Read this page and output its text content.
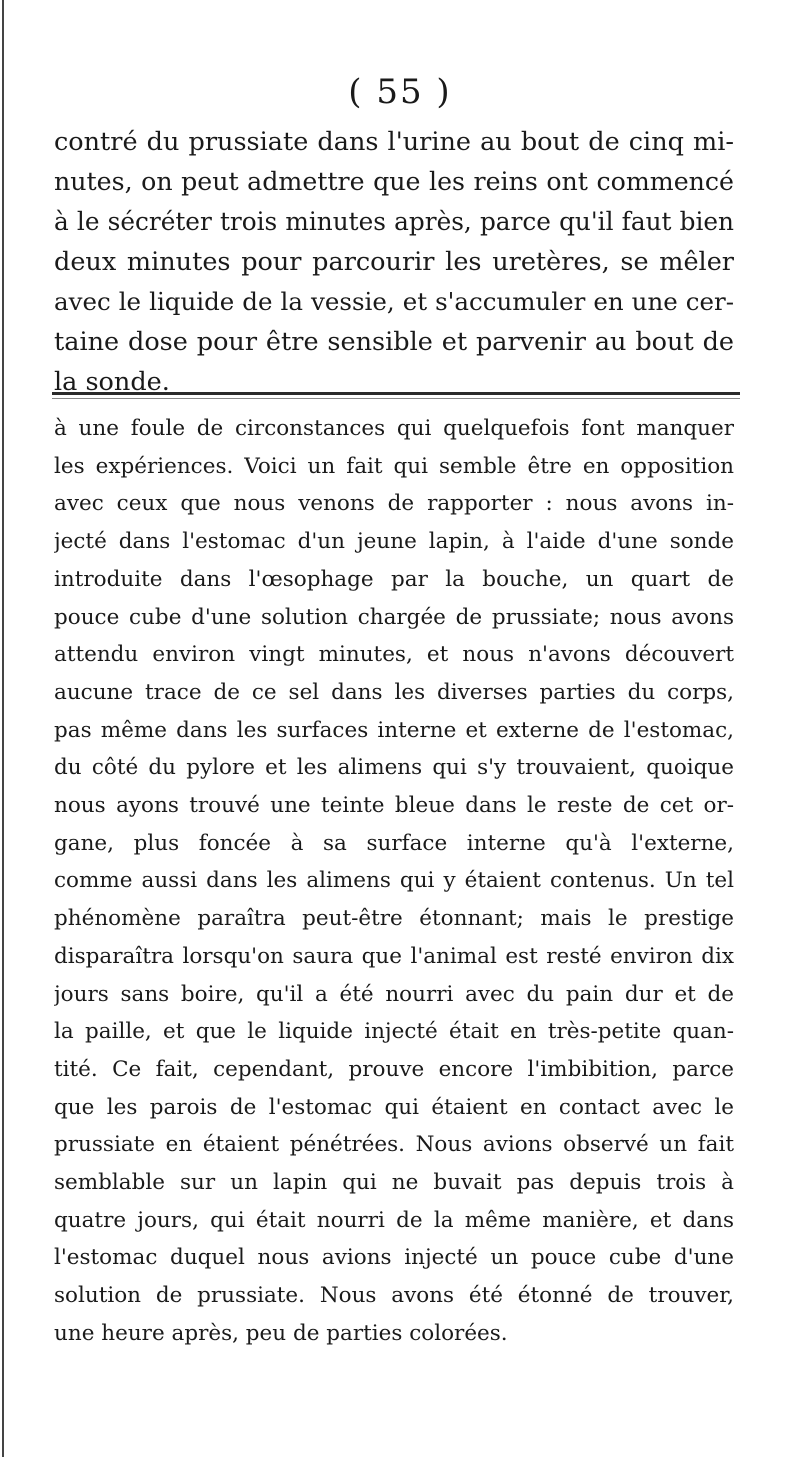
( 55 )
contré du prussiate dans l'urine au bout de cinq mi-
nutes, on peut admettre que les reins ont commencé
à le sécréter trois minutes après, parce qu'il faut bien
deux minutes pour parcourir les uretères, se mêler
avec le liquide de la vessie, et s'accumuler en une cer-
taine dose pour être sensible et parvenir au bout de
la sonde.
à une foule de circonstances qui quelquefois font manquer
les expériences. Voici un fait qui semble être en opposition
avec ceux que nous venons de rapporter : nous avons in-
jecté dans l'estomac d'un jeune lapin, à l'aide d'une sonde
introduite dans l'œsophage par la bouche, un quart de
pouce cube d'une solution chargée de prussiate; nous avons
attendu environ vingt minutes, et nous n'avons découvert
aucune trace de ce sel dans les diverses parties du corps,
pas même dans les surfaces interne et externe de l'estomac,
du côté du pylore et les alimens qui s'y trouvaient, quoique
nous ayons trouvé une teinte bleue dans le reste de cet or-
gane, plus foncée à sa surface interne qu'à l'externe,
comme aussi dans les alimens qui y étaient contenus. Un tel
phénomène paraîtra peut-être étonnant; mais le prestige
disparaîtra lorsqu'on saura que l'animal est resté environ dix
jours sans boire, qu'il a été nourri avec du pain dur et de
la paille, et que le liquide injecté était en très-petite quan-
tité. Ce fait, cependant, prouve encore l'imbibition, parce
que les parois de l'estomac qui étaient en contact avec le
prussiate en étaient pénétrées. Nous avions observé un fait
semblable sur un lapin qui ne buvait pas depuis trois à
quatre jours, qui était nourri de la même manière, et dans
l'estomac duquel nous avions injecté un pouce cube d'une
solution de prussiate. Nous avons été étonné de trouver,
une heure après, peu de parties colorées.
